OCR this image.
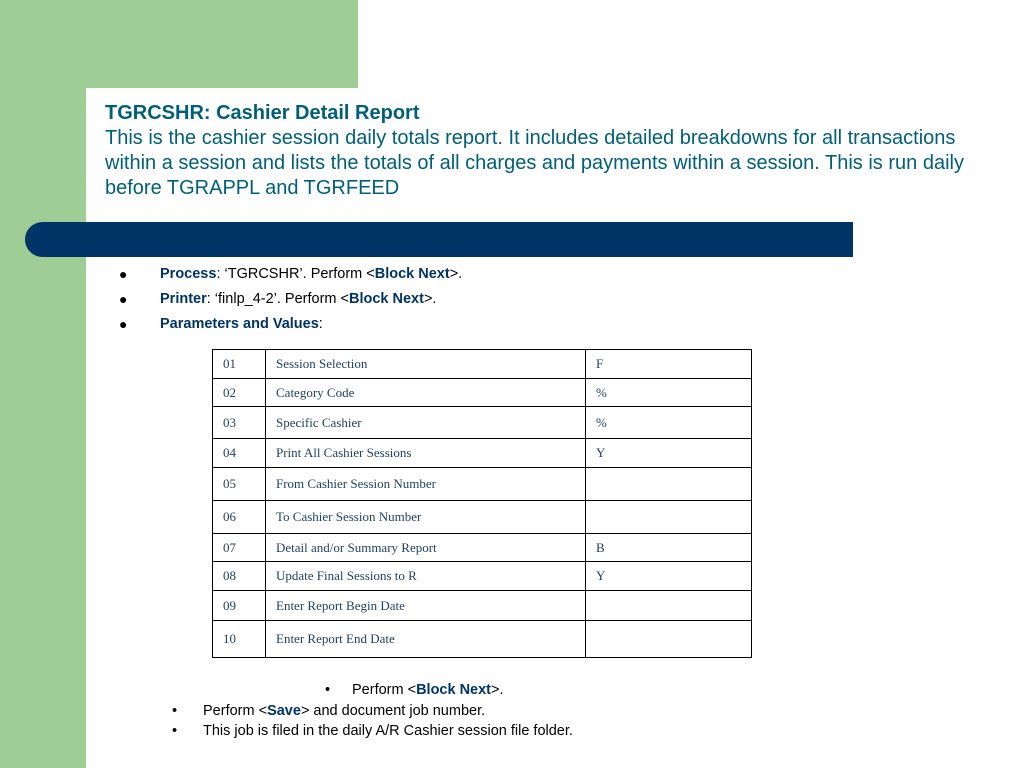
TGRCSHR: Cashier Detail Report
This is the cashier session daily totals report. It includes detailed breakdowns for all transactions within a session and lists the totals of all charges and payments within a session. This is run daily before TGRAPPL and TGRFEED
● Process: ‘TGRCSHR’. Perform <Block Next>.
● Printer: ‘finlp_4-2’. Perform <Block Next>.
● Parameters and Values:
01	Session Selection	F
02	Category Code	%
03	Specific Cashier	%
04	Print All Cashier Sessions	Y
05	From Cashier Session Number	
06	To Cashier Session Number	
07	Detail and/or Summary Report	B
08	Update Final Sessions to R	Y
09	Enter Report Begin Date	
10	Enter Report End Date	
• Perform <Block Next>.
• Perform <Save> and document job number.
• This job is filed in the daily A/R Cashier session file folder.
